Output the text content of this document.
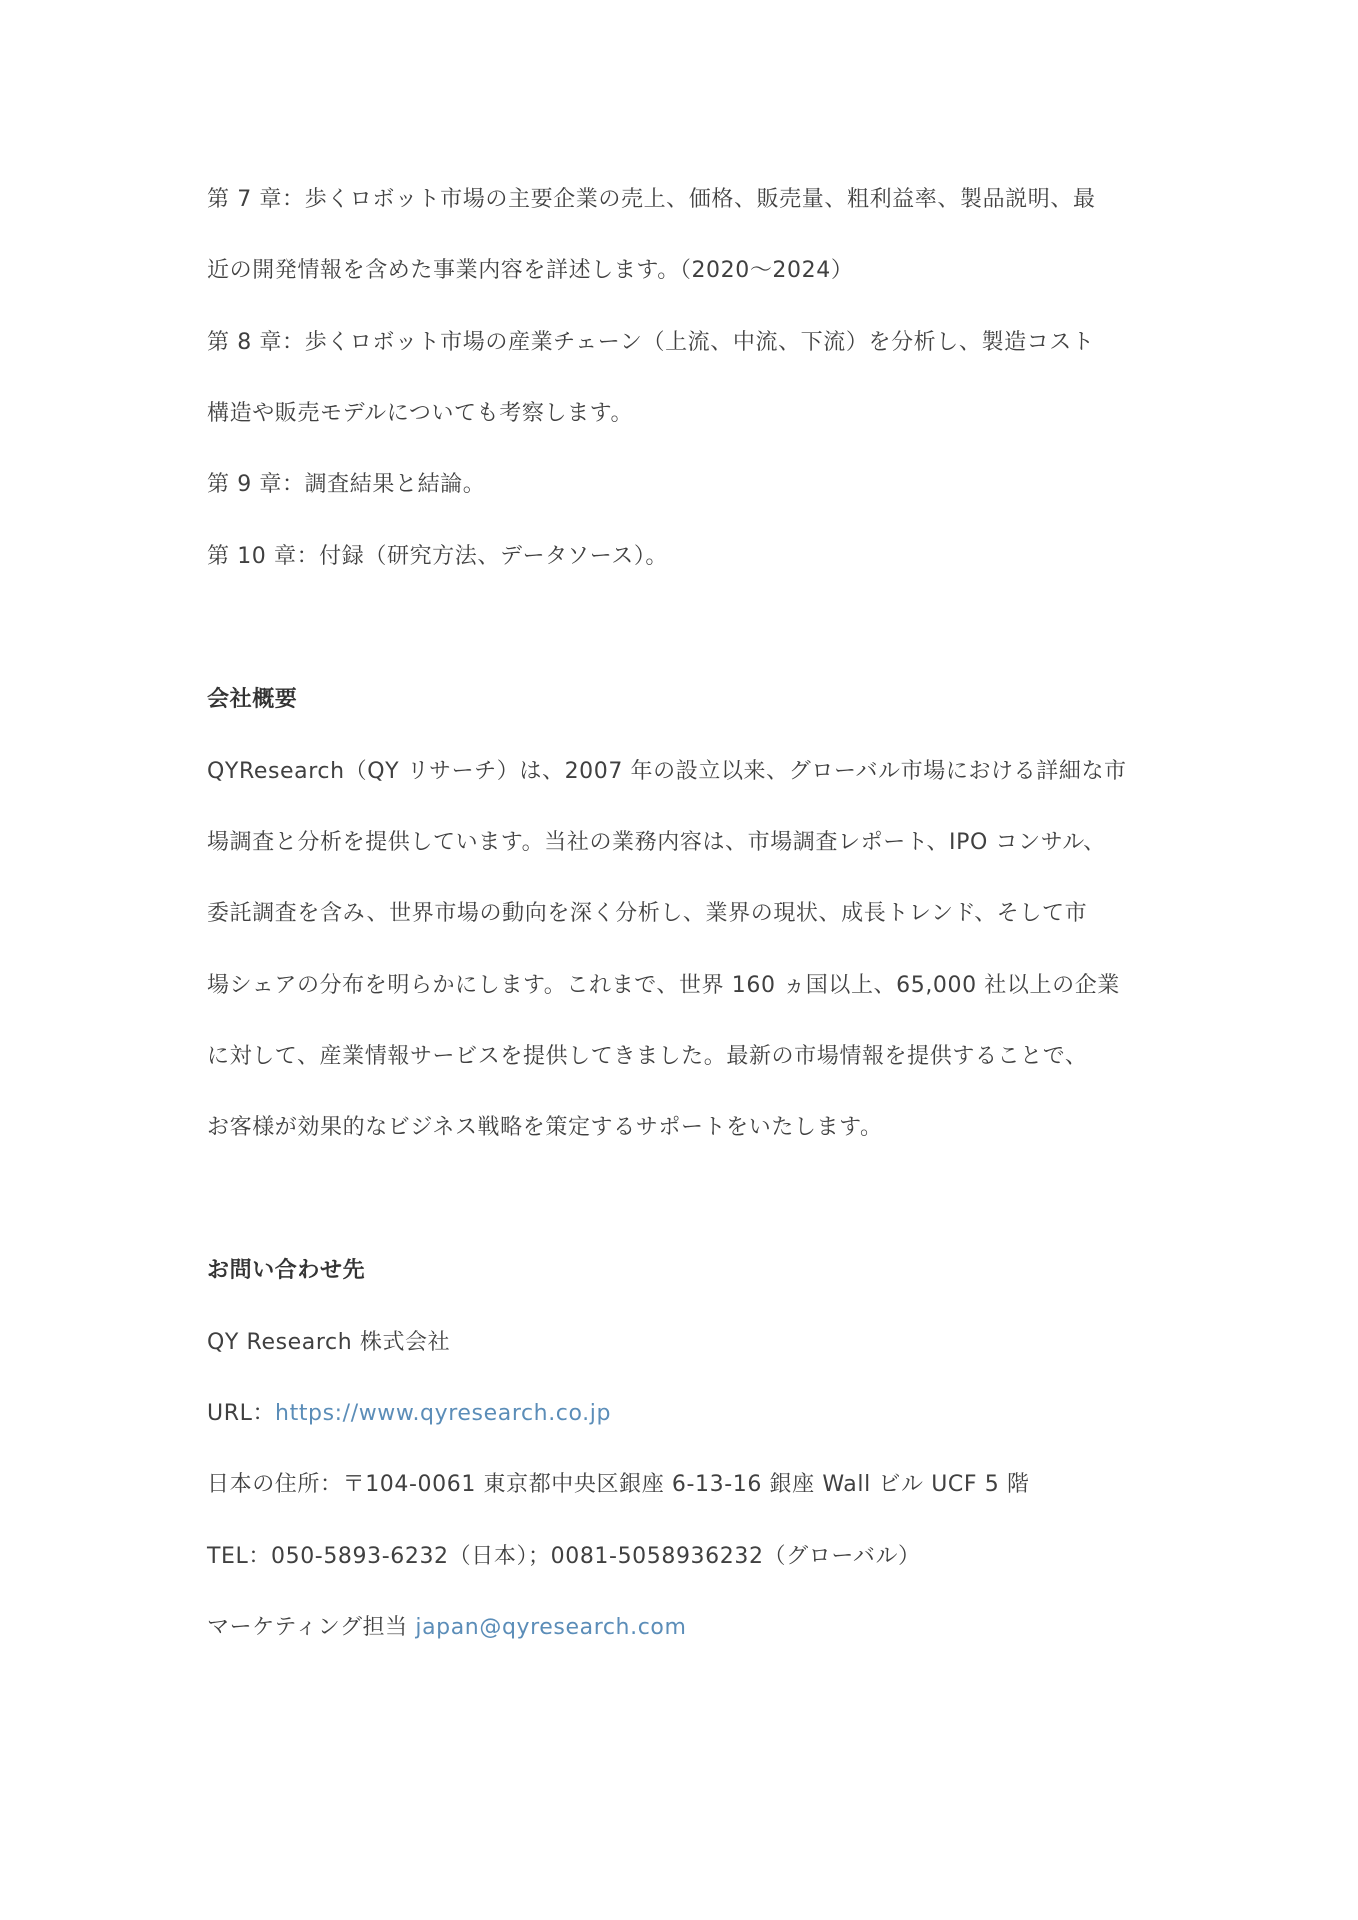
第 7 章：歩くロボット市場の主要企業の売上、価格、販売量、粗利益率、製品説明、最
近の開発情報を含めた事業内容を詳述します。（2020〜2024）
第 8 章：歩くロボット市場の産業チェーン（上流、中流、下流）を分析し、製造コスト
構造や販売モデルについても考察します。
第 9 章：調査結果と結論。
第 10 章：付録（研究方法、データソース）。
会社概要
QYResearch（QY リサーチ）は、2007 年の設立以来、グローバル市場における詳細な市
場調査と分析を提供しています。当社の業務内容は、市場調査レポート、IPO コンサル、
委託調査を含み、世界市場の動向を深く分析し、業界の現状、成長トレンド、そして市
場シェアの分布を明らかにします。これまで、世界 160 ヵ国以上、65,000 社以上の企業
に対して、産業情報サービスを提供してきました。最新の市場情報を提供することで、
お客様が効果的なビジネス戦略を策定するサポートをいたします。
お問い合わせ先
QY Research 株式会社
URL：https://www.qyresearch.co.jp
日本の住所：〒104-0061 東京都中央区銀座 6-13-16 銀座 Wall ビル UCF 5 階
TEL：050-5893-6232（日本）；0081-5058936232（グローバル）
マーケティング担当 japan@qyresearch.com
